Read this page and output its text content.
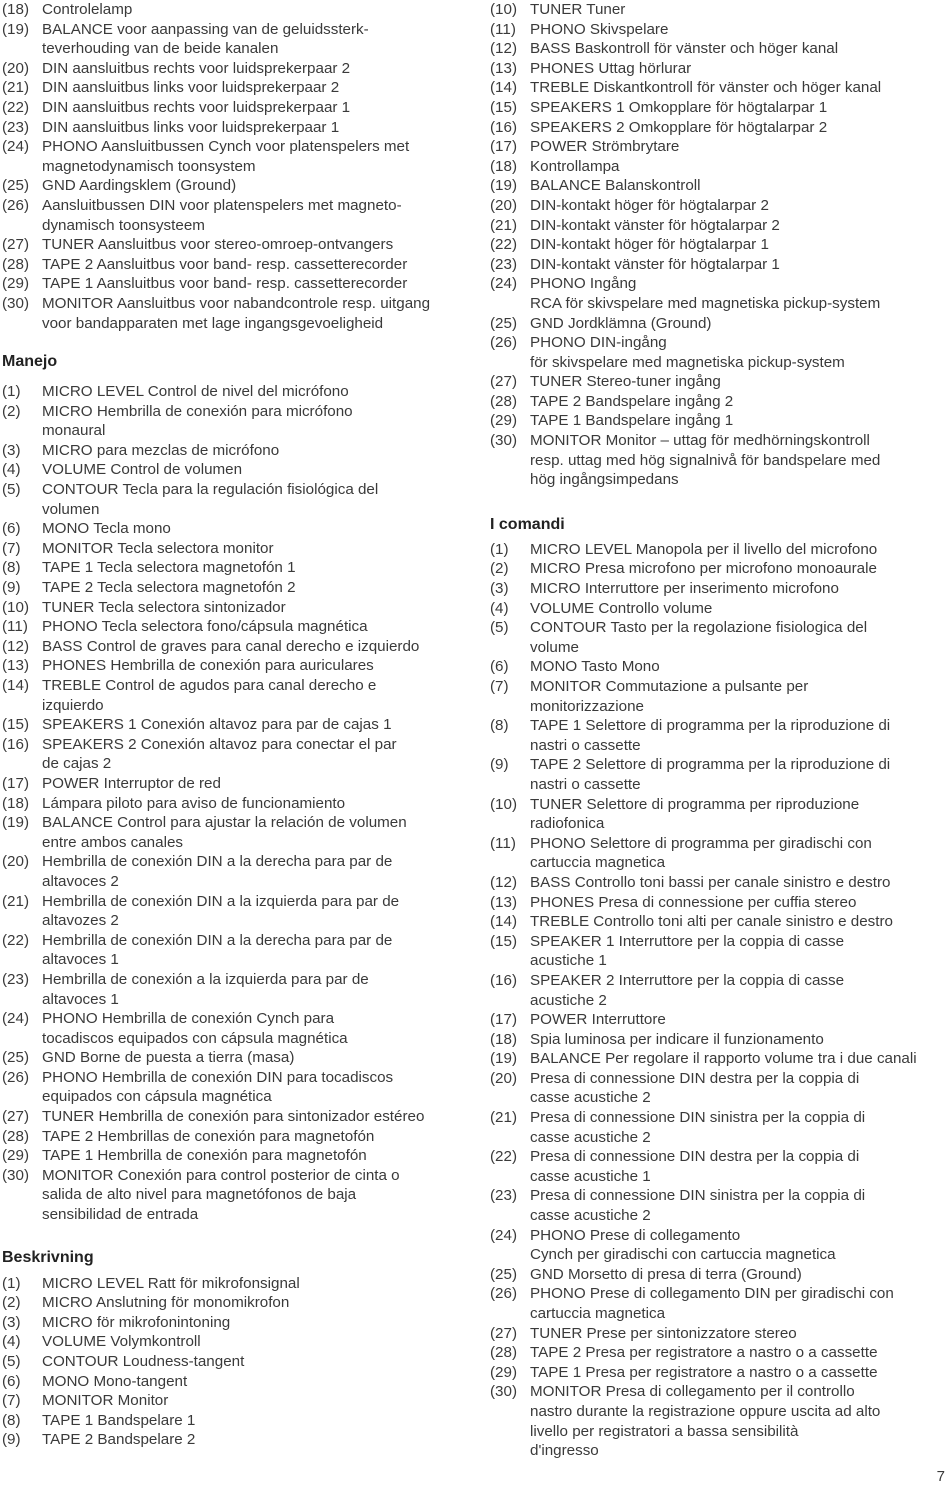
(18) Controlelamp
(19) BALANCE voor aanpassing van de geluidssterk-
teverhouding van de beide kanalen
(20) DIN aansluitbus rechts voor luidsprekerpaar 2
(21) DIN aansluitbus links voor luidsprekerpaar 2
(22) DIN aansluitbus rechts voor luidsprekerpaar 1
(23) DIN aansluitbus links voor luidsprekerpaar 1
(24) PHONO Aansluitbussen Cynch voor platenspelers met
magnetodynamisch toonsystem
(25) GND Aardingsklem (Ground)
(26) Aansluitbussen DIN voor platenspelers met magneto-
dynamisch toonsysteem
(27) TUNER Aansluitbus voor stereo-omroep-ontvangers
(28) TAPE 2 Aansluitbus voor band- resp. cassetterecorder
(29) TAPE 1 Aansluitbus voor band- resp. cassetterecorder
(30) MONITOR Aansluitbus voor nabandcontrole resp. uitgang
voor bandapparaten met lage ingangsgevoeligheid
Manejo
(1)	MICRO LEVEL Control de nivel del micrófono
(2)	MICRO Hembrilla de conexión para micrófono
monaural
(3)	MICRO para mezclas de micrófono
(4)	VOLUME Control de volumen
(5)	CONTOUR Tecla para la regulación fisiológica del
volumen
(6)	MONO Tecla mono
(7)	MONITOR Tecla selectora monitor
(8)	TAPE 1 Tecla selectora magnetofón 1
(9)	TAPE 2 Tecla selectora magnetofón 2
(10) TUNER Tecla selectora sintonizador
(11) PHONO Tecla selectora fono/cápsula magnética
(12) BASS Control de graves para canal derecho e izquierdo
(13) PHONES Hembrilla de conexión para auriculares
(14) TREBLE Control de agudos para canal derecho e
izquierdo
(15) SPEAKERS 1 Conexión altavoz para par de cajas 1
(16) SPEAKERS 2 Conexión altavoz para conectar el par
de cajas 2
(17) POWER Interruptor de red
(18) Lámpara piloto para aviso de funcionamiento
(19) BALANCE Control para ajustar la relación de volumen
entre ambos canales
(20) Hembrilla de conexión DIN a la derecha para par de
altavoces 2
(21) Hembrilla de conexión DIN a la izquierda para par de
altavozes 2
(22) Hembrilla de conexión DIN a la derecha para par de
altavoces 1
(23) Hembrilla de conexión a la izquierda para par de
altavoces 1
(24) PHONO Hembrilla de conexión Cynch para
tocadiscos equipados con cápsula magnética
(25) GND Borne de puesta a tierra (masa)
(26) PHONO Hembrilla de conexión DIN para tocadiscos
equipados con cápsula magnética
(27) TUNER Hembrilla de conexión para sintonizador estéreo
(28) TAPE 2 Hembrillas de conexión para magnetofón
(29) TAPE 1 Hembrilla de conexión para magnetofón
(30) MONITOR Conexión para control posterior de cinta o
salida de alto nivel para magnetófonos de baja
sensibilidad de entrada
Beskrivning
(1)	MICRO LEVEL Ratt för mikrofonsignal
(2)	MICRO Anslutning för monomikrofon
(3)	MICRO för mikrofonintoning
(4)	VOLUME Volymkontroll
(5)	CONTOUR Loudness-tangent
(6)	MONO Mono-tangent
(7)	MONITOR Monitor
(8)	TAPE 1 Bandspelare 1
(9)	TAPE 2 Bandspelare 2
(10) TUNER Tuner
(11) PHONO Skivspelare
(12) BASS Baskontroll för vänster och höger kanal
(13) PHONES Uttag hörlurar
(14) TREBLE Diskantkontroll för vänster och höger kanal
(15) SPEAKERS 1 Omkopplare för högtalarpar 1
(16) SPEAKERS 2 Omkopplare för högtalarpar 2
(17) POWER Strömbrytare
(18) Kontrollampa
(19) BALANCE Balanskontroll
(20) DIN-kontakt höger för högtalarpar 2
(21) DIN-kontakt vänster för högtalarpar 2
(22) DIN-kontakt höger för högtalarpar 1
(23) DIN-kontakt vänster för högtalarpar 1
(24) PHONO Ingång
RCA för skivspelare med magnetiska pickup-system
(25) GND Jordklämna (Ground)
(26) PHONO DIN-ingång
för skivspelare med magnetiska pickup-system
(27) TUNER Stereo-tuner ingång
(28) TAPE 2 Bandspelare ingång 2
(29) TAPE 1 Bandspelare ingång 1
(30) MONITOR Monitor – uttag för medhörningskontroll
resp. uttag med hög signalnivå för bandspelare med
hög ingångsimpedans
I comandi
(1)	MICRO LEVEL Manopola per il livello del microfono
(2)	MICRO Presa microfono per microfono monoaurale
(3)	MICRO Interruttore per inserimento microfono
(4)	VOLUME Controllo volume
(5)	CONTOUR Tasto per la regolazione fisiologica del
volume
(6)	MONO Tasto Mono
(7)	MONITOR Commutazione a pulsante per
monitorizzazione
(8)	TAPE 1 Selettore di programma per la riproduzione di
nastri o cassette
(9)	TAPE 2 Selettore di programma per la riproduzione di
nastri o cassette
(10) TUNER Selettore di programma per riproduzione
radiofonica
(11) PHONO Selettore di programma per giradischi con
cartuccia magnetica
(12) BASS Controllo toni bassi per canale sinistro e destro
(13) PHONES Presa di connessione per cuffia stereo
(14) TREBLE Controllo toni alti per canale sinistro e destro
(15) SPEAKER 1 Interruttore per la coppia di casse
acustiche 1
(16) SPEAKER 2 Interruttore per la coppia di casse
acustiche 2
(17) POWER Interruttore
(18) Spia luminosa per indicare il funzionamento
(19) BALANCE Per regolare il rapporto volume tra i due canali
(20) Presa di connessione DIN destra per la coppia di
casse acustiche 2
(21) Presa di connessione DIN sinistra per la coppia di
casse acustiche 2
(22) Presa di connessione DIN destra per la coppia di
casse acustiche 1
(23) Presa di connessione DIN sinistra per la coppia di
casse acustiche 2
(24) PHONO Prese di collegamento
Cynch per giradischi con cartuccia magnetica
(25) GND Morsetto di presa di terra (Ground)
(26) PHONO Prese di collegamento DIN per giradischi con
cartuccia magnetica
(27) TUNER Prese per sintonizzatore stereo
(28) TAPE 2 Presa per registratore a nastro o a cassette
(29) TAPE 1 Presa per registratore a nastro o a cassette
(30) MONITOR Presa di collegamento per il controllo
nastro durante la registrazione oppure uscita ad alto
livello per registratori a bassa sensibilità
d'ingresso
7
